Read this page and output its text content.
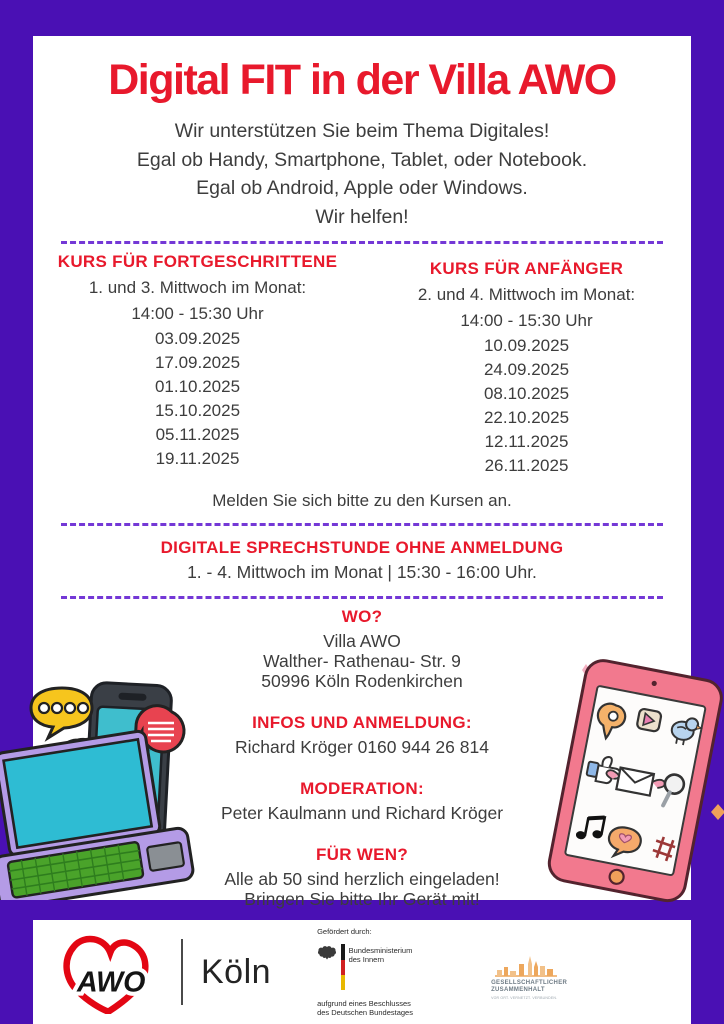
Digital FIT in der Villa AWO
Wir unterstützen Sie beim Thema Digitales!
Egal ob Handy, Smartphone, Tablet, oder Notebook.
Egal ob Android, Apple oder Windows.
Wir helfen!
KURS FÜR FORTGESCHRITTENE
1. und 3. Mittwoch im Monat:
14:00 - 15:30 Uhr
03.09.2025
17.09.2025
01.10.2025
15.10.2025
05.11.2025
19.11.2025
KURS FÜR ANFÄNGER
2. und 4. Mittwoch im Monat:
14:00 - 15:30 Uhr
10.09.2025
24.09.2025
08.10.2025
22.10.2025
12.11.2025
26.11.2025
Melden Sie sich bitte zu den Kursen an.
DIGITALE SPRECHSTUNDE OHNE ANMELDUNG
1. - 4. Mittwoch im Monat | 15:30 - 16:00 Uhr.
WO?
Villa AWO
Walther- Rathenau- Str. 9
50996 Köln Rodenkirchen
INFOS UND ANMELDUNG:
Richard Kröger 0160 944 26 814
MODERATION:
Peter Kaulmann und Richard Kröger
FÜR WEN?
Alle ab 50 sind herzlich eingeladen!
Bringen Sie bitte Ihr Gerät mit!
AWO Köln
Gefördert durch:
Bundesministerium
des Innern
aufgrund eines Beschlusses
des Deutschen Bundestages
GESELLSCHAFTLICHER
ZUSAMMENHALT
VOR ORT. VERNETZT. VERBUNDEN.
